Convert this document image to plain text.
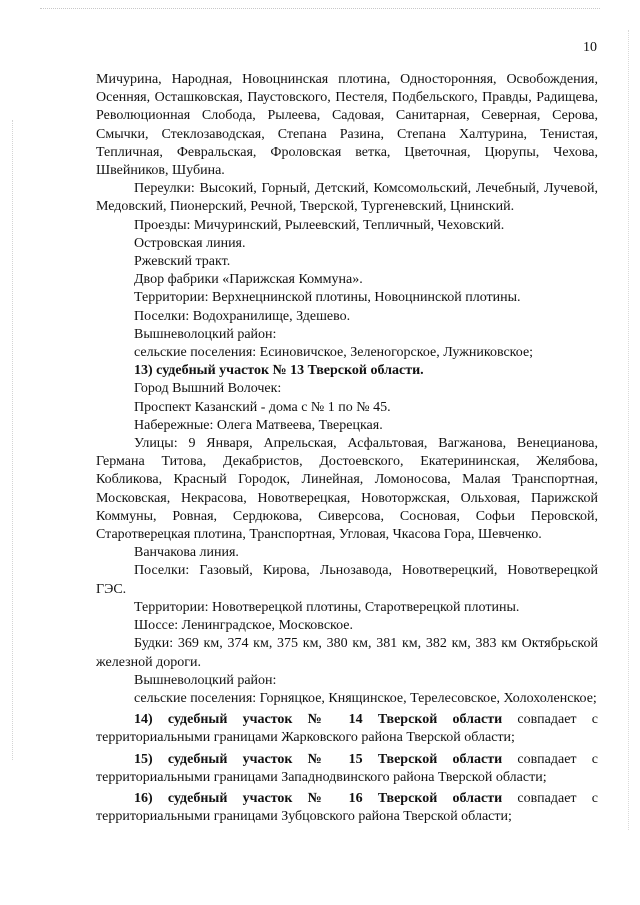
10

Мичурина, Народная, Новоцнинская плотина, Односторонняя, Освобождения, Осенняя, Осташковская, Паустовского, Пестеля, Подбельского, Правды, Радищева, Революционная Слобода, Рылеева, Садовая, Санитарная, Северная, Серова, Смычки, Стеклозаводская, Степана Разина, Степана Халтурина, Тенистая, Тепличная, Февральская, Фроловская ветка, Цветочная, Цюрупы, Чехова, Швейников, Шубина.

Переулки: Высокий, Горный, Детский, Комсомольский, Лечебный, Лучевой, Медовский, Пионерский, Речной, Тверской, Тургеневский, Цнинский.

Проезды: Мичуринский, Рылеевский, Тепличный, Чеховский.

Островская линия.

Ржевский тракт.

Двор фабрики «Парижская Коммуна».

Территории: Верхнецнинской плотины, Новоцнинской плотины.

Поселки: Водохранилище, Здешево.

Вышневолоцкий район:

сельские поселения: Есиновичское, Зеленогорское, Лужниковское;

13) судебный участок № 13 Тверской области.

Город Вышний Волочек:

Проспект Казанский - дома с № 1 по № 45.

Набережные: Олега Матвеева, Тверецкая.

Улицы: 9 Января, Апрельская, Асфальтовая, Вагжанова, Венецианова, Германа Титова, Декабристов, Достоевского, Екатерининская, Желябова, Кобликова, Красный Городок, Линейная, Ломоносова, Малая Транспортная, Московская, Некрасова, Новотверецкая, Новоторжская, Ольховая, Парижской Коммуны, Ровная, Сердюкова, Сиверсова, Сосновая, Софьи Перовской, Старотверецкая плотина, Транспортная, Угловая, Чкасова Гора, Шевченко.

Ванчакова линия.

Поселки: Газовый, Кирова, Льнозавода, Новотверецкий, Новотверецкой ГЭС.

Территории: Новотверецкой плотины, Старотверецкой плотины.

Шоссе: Ленинградское, Московское.

Будки: 369 км, 374 км, 375 км, 380 км, 381 км, 382 км, 383 км Октябрьской железной дороги.

Вышневолоцкий район:

сельские поселения: Горняцкое, Княщинское, Терелесовское, Холохоленское;

14) судебный участок № 14 Тверской области совпадает с территориальными границами Жарковского района Тверской области;

15) судебный участок № 15 Тверской области совпадает с территориальными границами Западнодвинского района Тверской области;

16) судебный участок № 16 Тверской области совпадает с территориальными границами Зубцовского района Тверской области;
